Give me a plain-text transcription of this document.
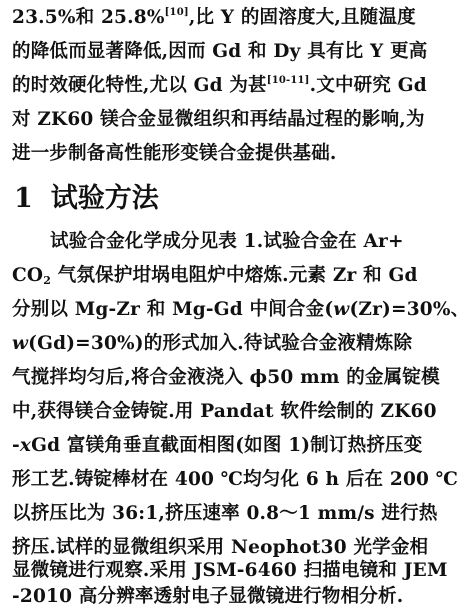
23.5%和 25.8%[10],比 Y 的固溶度大,且随温度
的降低而显著降低,因而 Gd 和 Dy 具有比 Y 更高
的时效硬化特性,尤以 Gd 为甚[10-11].文中研究 Gd
对 ZK60 镁合金显微组织和再结晶过程的影响,为
进一步制备高性能形变镁合金提供基础.
1 试验方法
试验合金化学成分见表 1.试验合金在 Ar+
$CO_2$ 气氛保护坩埚电阻炉中熔炼.元素 Zr 和 Gd
分别以 Mg-Zr 和 Mg-Gd 中间合金(w(Zr)=30%、
w(Gd)=30%)的形式加入.待试验合金液精炼除
气搅拌均匀后,将合金液浇入 ϕ50 mm 的金属锭模
中,获得镁合金铸锭.用 Pandat 软件绘制的 ZK60
-xGd 富镁角垂直截面相图(如图 1)制订热挤压变
形工艺.铸锭棒材在 400 ℃均匀化 6 h 后在 200 ℃
以挤压比为 36:1,挤压速率 0.8～1 mm/s 进行热
挤压.试样的显微组织采用 Neophot30 光学金相
显微镜进行观察.采用 JSM-6460 扫描电镜和 JEM
-2010 高分辨率透射电子显微镜进行物相分析.
